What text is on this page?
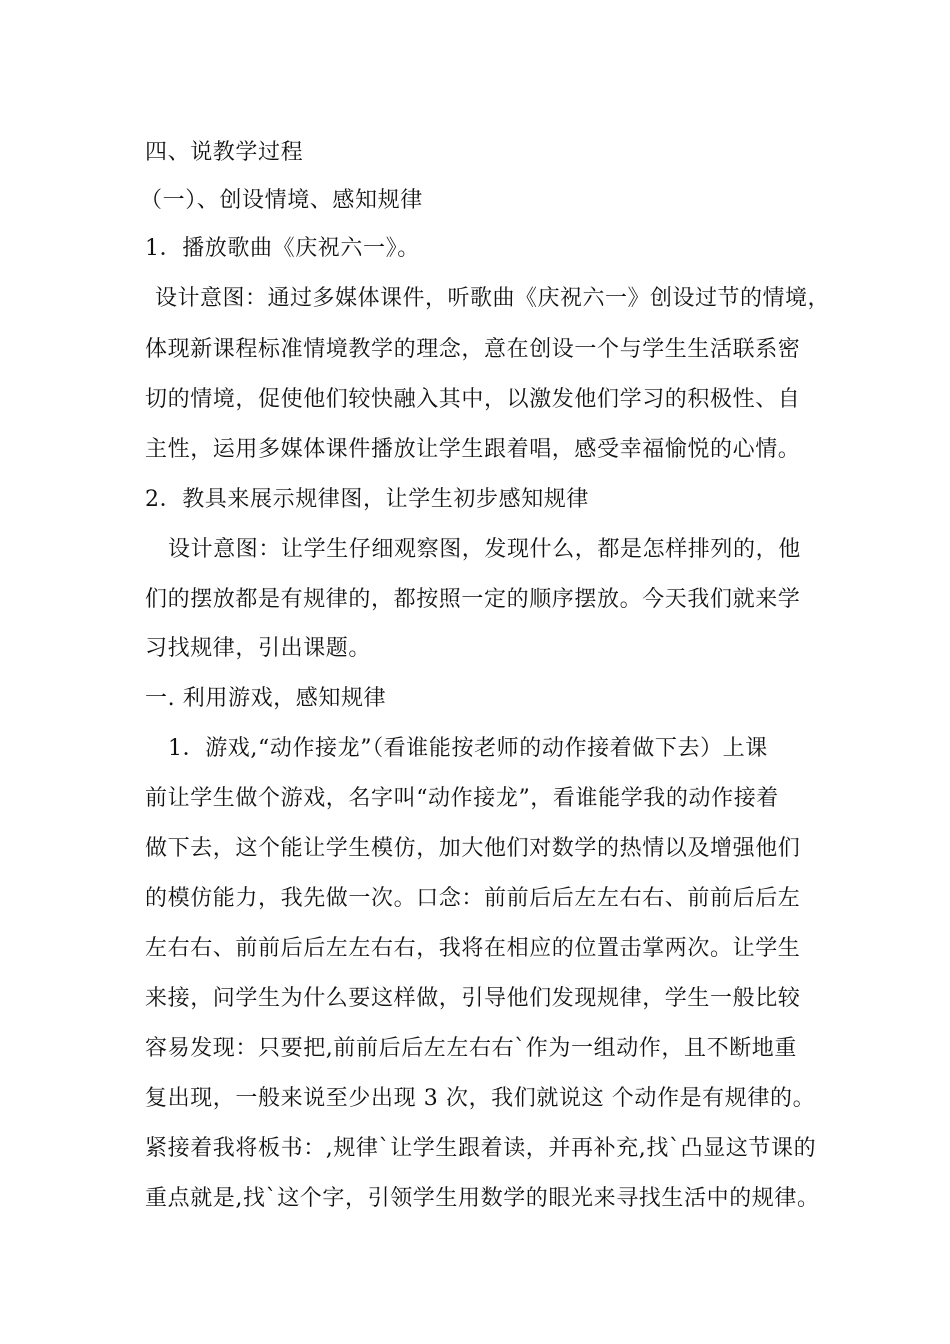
四、说教学过程
（一）、创设情境、感知规律
1．播放歌曲《庆祝六一》。
设计意图：通过多媒体课件，听歌曲《庆祝六一》创设过节的情境，
体现新课程标准情境教学的理念，意在创设一个与学生生活联系密
切的情境，促使他们较快融入其中，以激发他们学习的积极性、自
主性，运用多媒体课件播放让学生跟着唱，感受幸福愉悦的心情。
2．教具来展示规律图，让学生初步感知规律
设计意图：让学生仔细观察图，发现什么，都是怎样排列的，他
们的摆放都是有规律的，都按照一定的顺序摆放。今天我们就来学
习找规律，引出课题。
一. 利用游戏，感知规律
1．游戏,“动作接龙”（看谁能按老师的动作接着做下去）上课
前让学生做个游戏，名字叫“动作接龙”，看谁能学我的动作接着
做下去，这个能让学生模仿，加大他们对数学的热情以及增强他们
的模仿能力，我先做一次。口念：前前后后左左右右、前前后后左
左右右、前前后后左左右右，我将在相应的位置击掌两次。让学生
来接，问学生为什么要这样做，引导他们发现规律，学生一般比较
容易发现：只要把,前前后后左左右右`作为一组动作，且不断地重
复出现，一般来说至少出现 3 次，我们就说这 个动作是有规律的。
紧接着我将板书：,规律`让学生跟着读，并再补充,找`凸显这节课的
重点就是,找`这个字，引领学生用数学的眼光来寻找生活中的规律。
